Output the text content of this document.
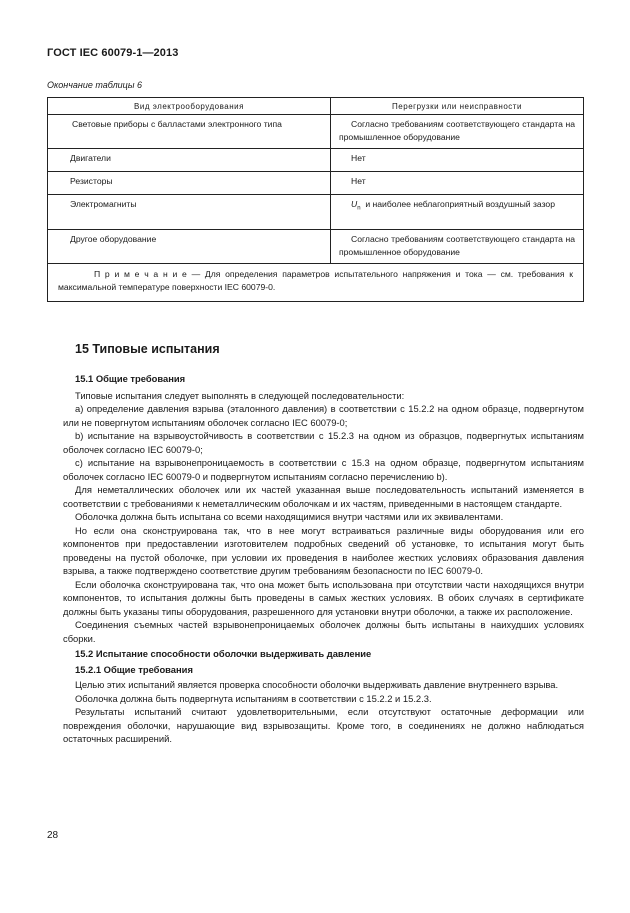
ГОСТ IEC 60079-1—2013
Окончание таблицы 6
Вид электрооборудования	Перегрузки или неисправности

Световые приборы с балластами электронного типа	Согласно требованиям соответствующего стандарта на промышленное оборудование

Двигатели	Нет

Резисторы	Нет

Электромагниты	$U_n$ и наиболее неблагоприятный воздушный зазор

Другое оборудование	Согласно требованиям соответствующего стандарта на промышленное оборудование

П р и м е ч а н и е — Для определения параметров испытательного напряжения и тока — см. требования к максимальной температуре поверхности IEC 60079-0.	
15 Типовые испытания

15.1 Общие требования

Типовые испытания следует выполнять в следующей последовательности:

a) определение давления взрыва (эталонного давления) в соответствии с 15.2.2 на одном образце, подвергнутом или не повергнутом испытаниям оболочек согласно IEC 60079-0;

b) испытание на взрывоустойчивость в соответствии с 15.2.3 на одном из образцов, подвергнутых испытаниям оболочек согласно IEC 60079-0;

c) испытание на взрывонепроницаемость в соответствии с 15.3 на одном образце, подвергнутом испытаниям оболочек согласно IEC 60079-0 и подвергнутом испытаниям согласно перечислению b).

Для неметаллических оболочек или их частей указанная выше последовательность испытаний изменяется в соответствии с требованиями к неметаллическим оболочкам и их частям, приведенными в настоящем стандарте.

Оболочка должна быть испытана со всеми находящимися внутри частями или их эквивалентами.

Но если она сконструирована так, что в нее могут встраиваться различные виды оборудования или его компонентов при предоставлении изготовителем подробных сведений об установке, то испытания могут быть проведены на пустой оболочке, при условии их проведения в наиболее жестких условиях образования давления взрыва, а также подтверждено соответствие другим требованиям безопасности по IEC 60079-0.

Если оболочка сконструирована так, что она может быть использована при отсутствии части находящихся внутри компонентов, то испытания должны быть проведены в самых жестких условиях. В обоих случаях в сертификате должны быть указаны типы оборудования, разрешенного для установки внутри оболочки, а также их расположение.

Соединения съемных частей взрывонепроницаемых оболочек должны быть испытаны в наихудших условиях сборки.

15.2 Испытание способности оболочки выдерживать давление

15.2.1 Общие требования

Целью этих испытаний является проверка способности оболочки выдерживать давление внутреннего взрыва.

Оболочка должна быть подвергнута испытаниям в соответствии с 15.2.2 и 15.2.3.

Результаты испытаний считают удовлетворительными, если отсутствуют остаточные деформации или повреждения оболочки, нарушающие вид взрывозащиты. Кроме того, в соединениях не должно наблюдаться остаточных расширений.

28
